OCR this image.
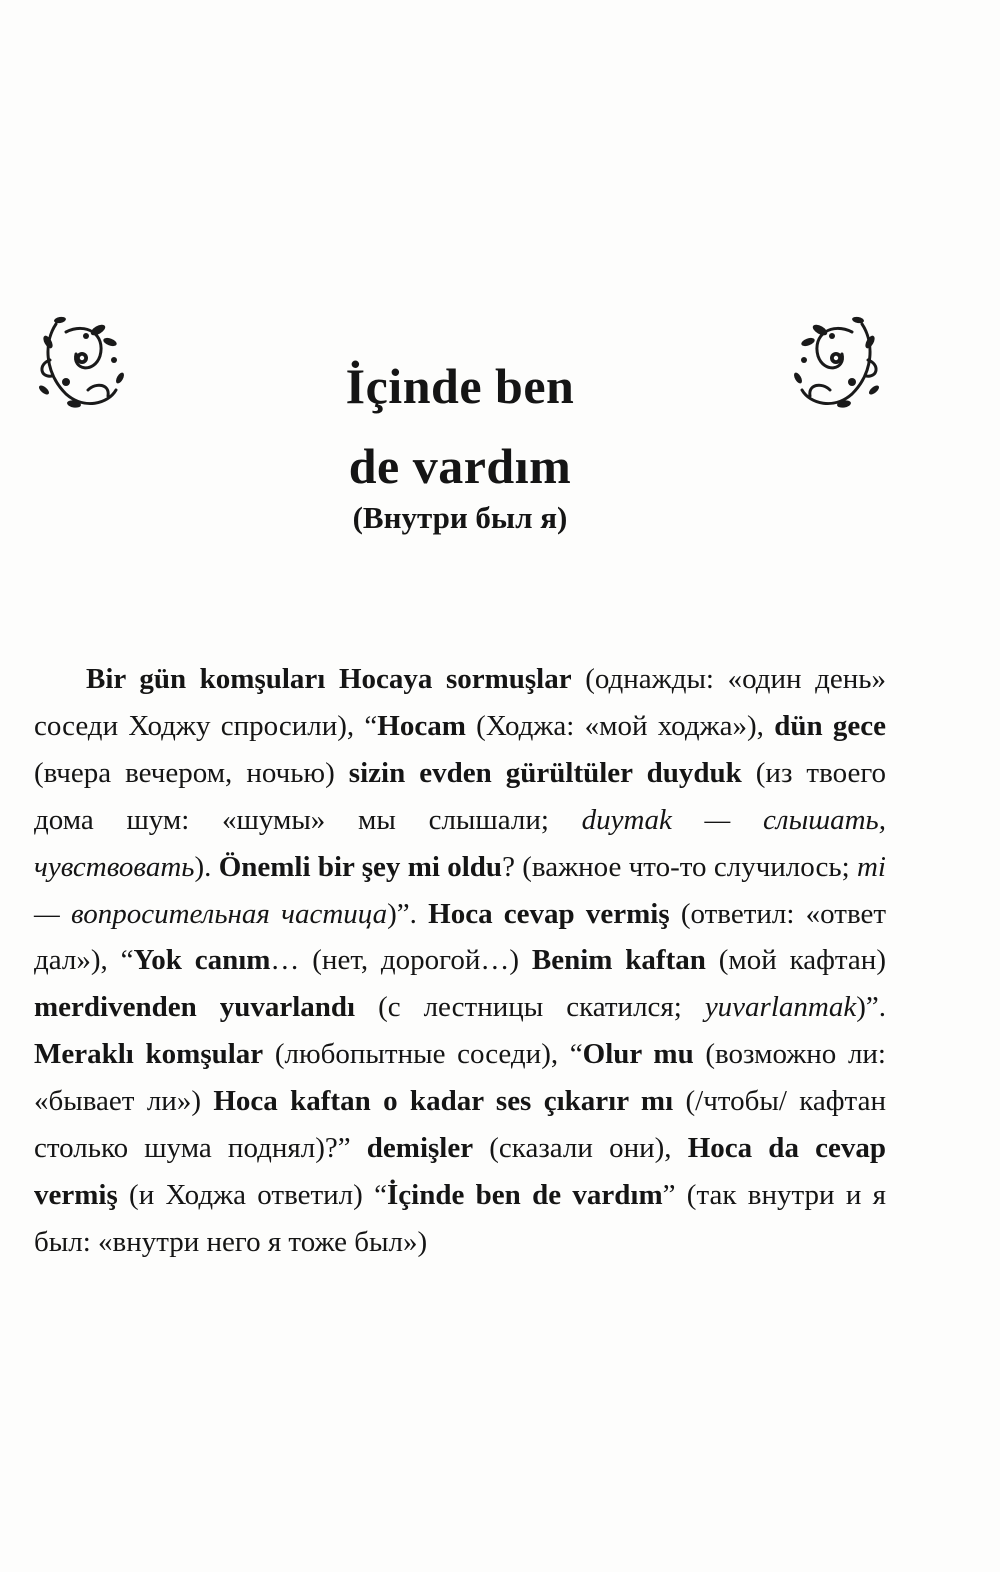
İçinde ben
de vardım
(Внутри был я)

Bir gün komşuları Hocaya sormuşlar (однажды: «один день» соседи Ходжу спросили), “Hocam (Ходжа: «мой ходжа»), dün gece (вчера вечером, ночью) sizin evden gürültüler duyduk (из твоего дома шум: «шумы» мы слышали; duymak — слышать, чувствовать). Önemli bir şey mi oldu? (важное что-то случилось; mi — вопросительная частица)”. Hoca cevap vermiş (ответил: «ответ дал»), “Yok canım… (нет, дорогой…) Benim kaftan (мой кафтан) merdivenden yuvarlandı (с лестницы скатился; yuvarlanmak)”. Meraklı komşular (любопытные соседи), “Olur mu (возможно ли: «бывает ли») Hoca kaftan o kadar ses çıkarır mı (/чтобы/ кафтан столько шума поднял)?” demişler (сказали они), Hoca da cevap vermiş (и Ходжа ответил) “İçinde ben de vardım” (так внутри и я был: «внутри него я тоже был»)
